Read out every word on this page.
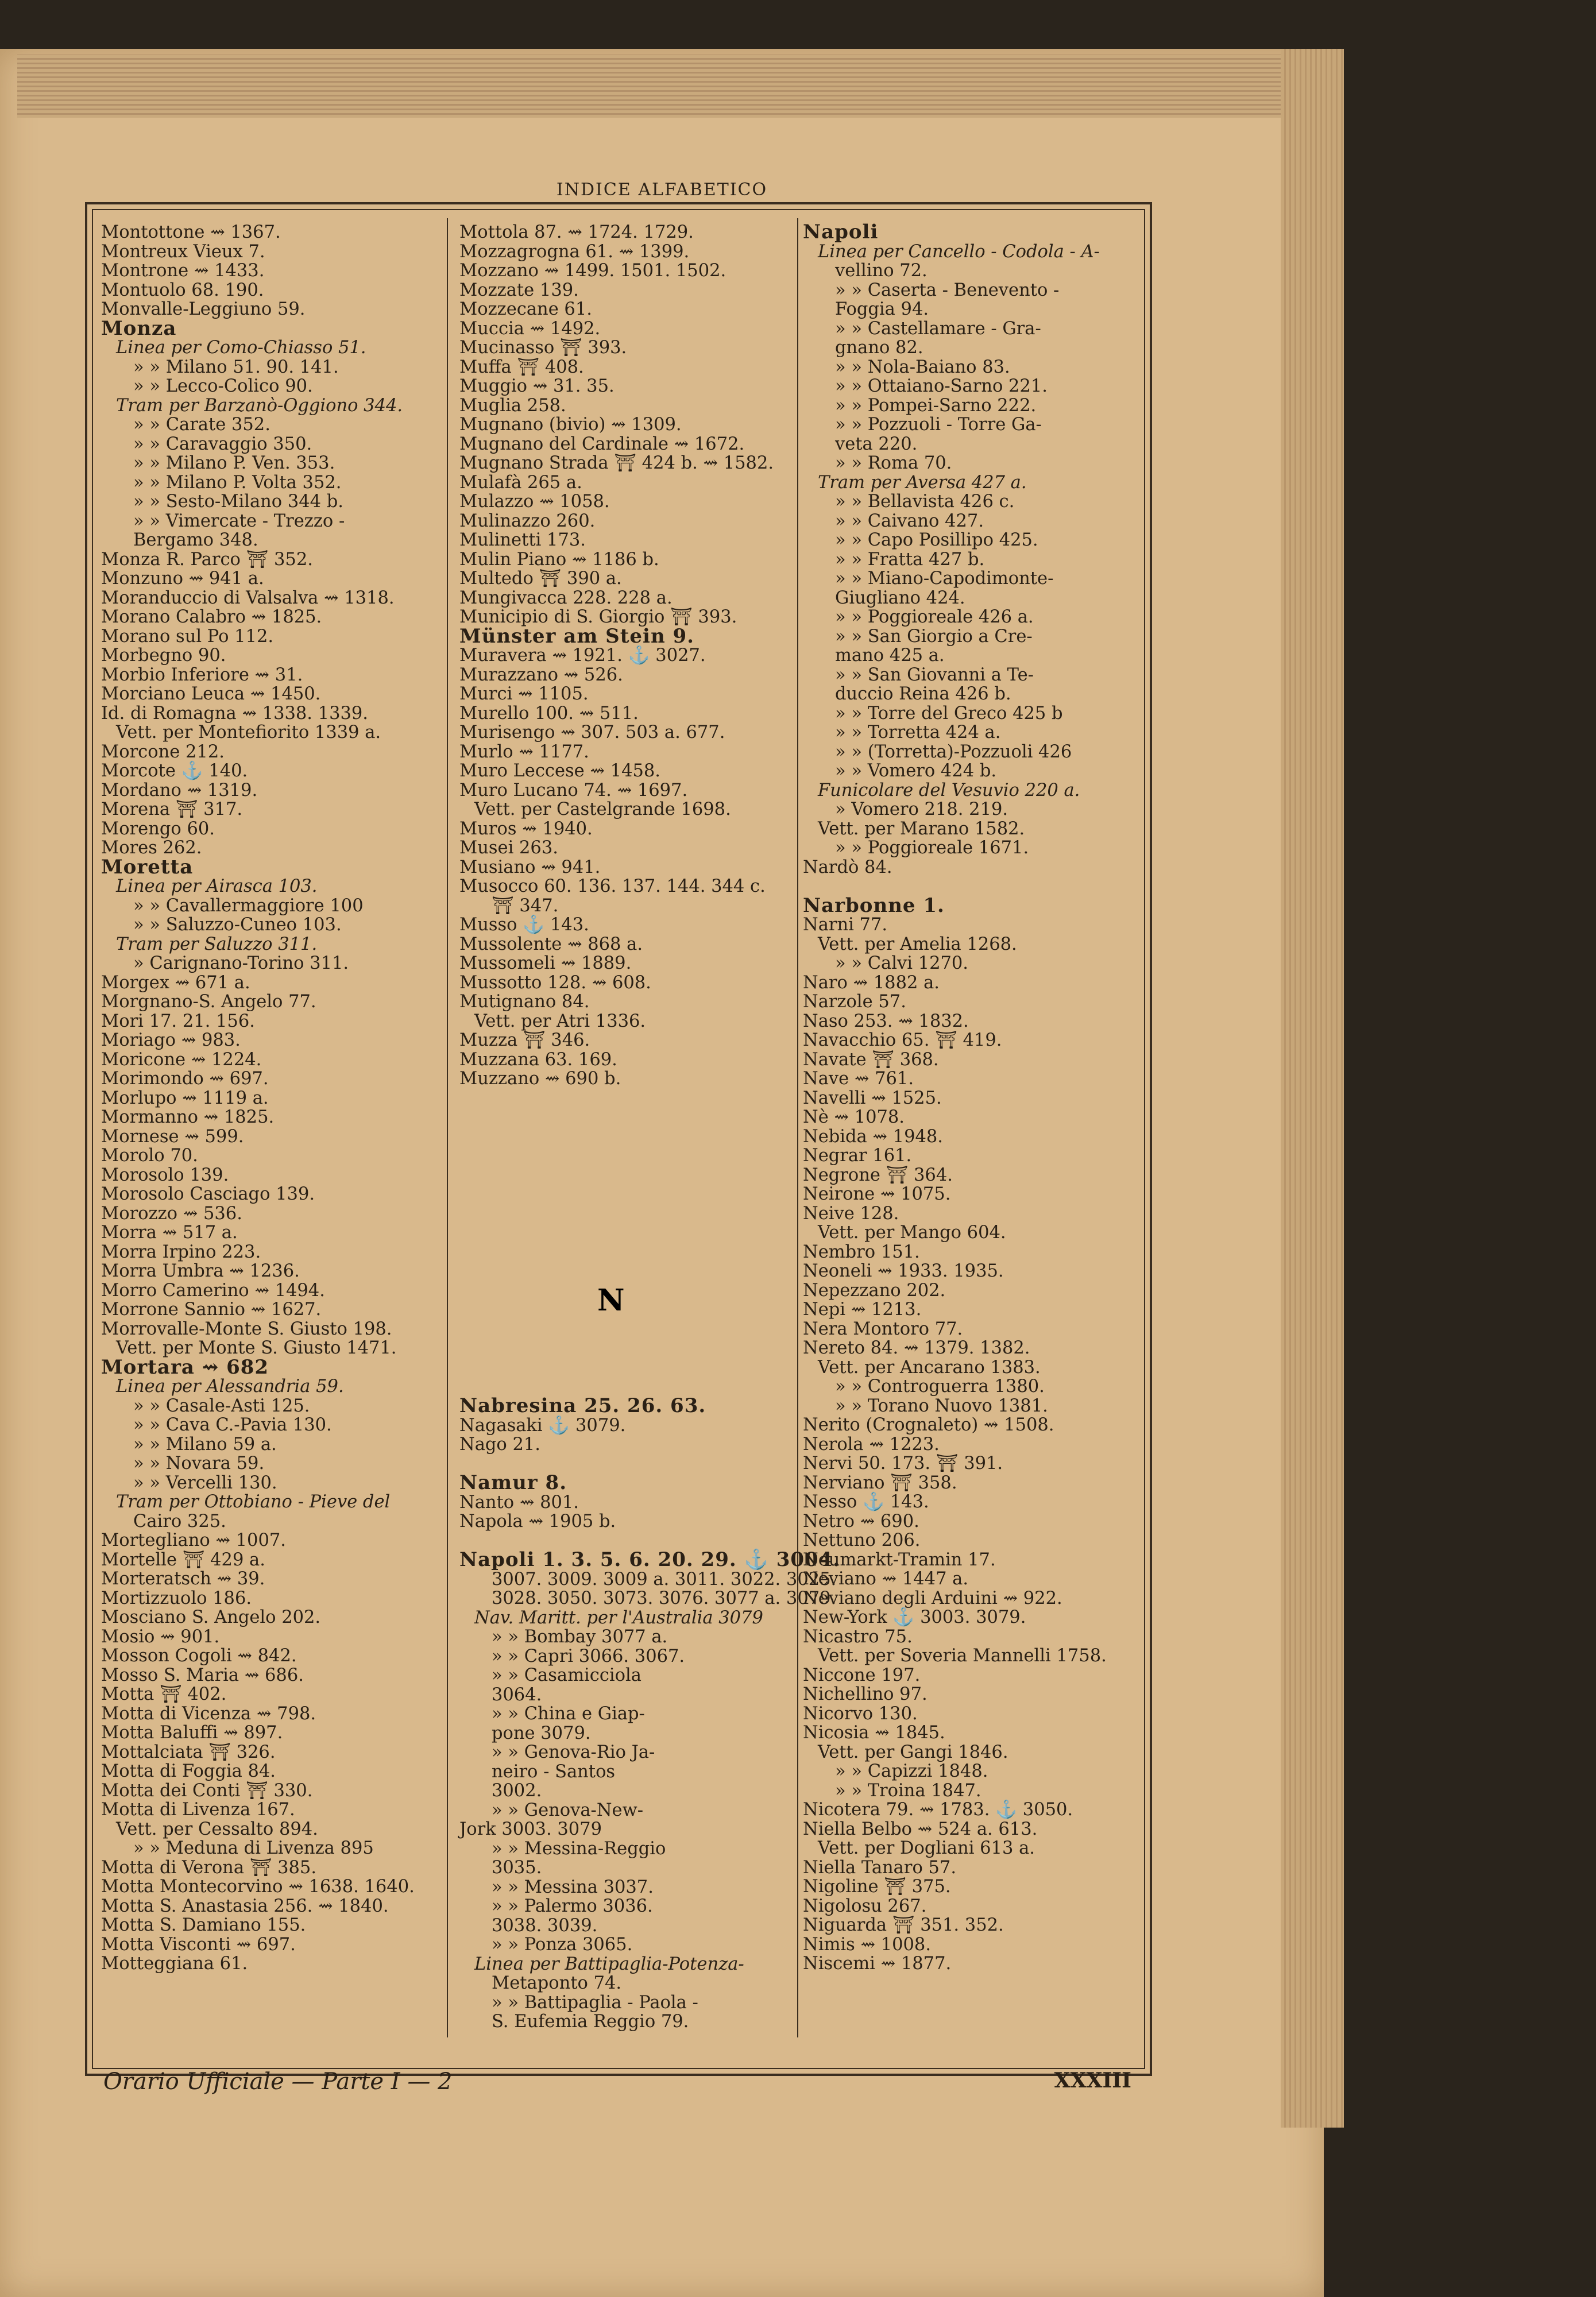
INDICE ALFABETICO
Montottone ⇝ 1367.
Montreux Vieux 7.
Montrone ⇝ 1433.
Montuolo 68. 190.
Monvalle-Leggiuno 59.
Monza
Linea per Como-Chiasso 51.
» » Milano 51. 90. 141.
» » Lecco-Colico 90.
Tram per Barzanò-Oggiono 344.
» » Carate 352.
» » Caravaggio 350.
» » Milano P. Ven. 353.
» » Milano P. Volta 352.
» » Sesto-Milano 344 b.
» » Vimercate - Trezzo -
Bergamo 348.
Monza R. Parco ⛩ 352.
Monzuno ⇝ 941 a.
Moranduccio di Valsalva ⇝ 1318.
Morano Calabro ⇝ 1825.
Morano sul Po 112.
Morbegno 90.
Morbio Inferiore ⇝ 31.
Morciano Leuca ⇝ 1450.
Id. di Romagna ⇝ 1338. 1339.
Vett. per Montefiorito 1339 a.
Morcone 212.
Morcote ⚓ 140.
Mordano ⇝ 1319.
Morena ⛩ 317.
Morengo 60.
Mores 262.
Moretta
Linea per Airasca 103.
» » Cavallermaggiore 100
» » Saluzzo-Cuneo 103.
Tram per Saluzzo 311.
» Carignano-Torino 311.
Morgex ⇝ 671 a.
Morgnano-S. Angelo 77.
Mori 17. 21. 156.
Moriago ⇝ 983.
Moricone ⇝ 1224.
Morimondo ⇝ 697.
Morlupo ⇝ 1119 a.
Mormanno ⇝ 1825.
Mornese ⇝ 599.
Morolo 70.
Morosolo 139.
Morosolo Casciago 139.
Morozzo ⇝ 536.
Morra ⇝ 517 a.
Morra Irpino 223.
Morra Umbra ⇝ 1236.
Morro Camerino ⇝ 1494.
Morrone Sannio ⇝ 1627.
Morrovalle-Monte S. Giusto 198.
Vett. per Monte S. Giusto 1471.
Mortara ⇝ 682
Linea per Alessandria 59.
» » Casale-Asti 125.
» » Cava C.-Pavia 130.
» » Milano 59 a.
» » Novara 59.
» » Vercelli 130.
Tram per Ottobiano - Pieve del
Cairo 325.
Mortegliano ⇝ 1007.
Mortelle ⛩ 429 a.
Morteratsch ⇝ 39.
Mortizzuolo 186.
Mosciano S. Angelo 202.
Mosio ⇝ 901.
Mosson Cogoli ⇝ 842.
Mosso S. Maria ⇝ 686.
Motta ⛩ 402.
Motta di Vicenza ⇝ 798.
Motta Baluffi ⇝ 897.
Mottalciata ⛩ 326.
Motta di Foggia 84.
Motta dei Conti ⛩ 330.
Motta di Livenza 167.
Vett. per Cessalto 894.
» » Meduna di Livenza 895
Motta di Verona ⛩ 385.
Motta Montecorvino ⇝ 1638. 1640.
Motta S. Anastasia 256. ⇝ 1840.
Motta S. Damiano 155.
Motta Visconti ⇝ 697.
Motteggiana 61.
Mottola 87. ⇝ 1724. 1729.
Mozzagrogna 61. ⇝ 1399.
Mozzano ⇝ 1499. 1501. 1502.
Mozzate 139.
Mozzecane 61.
Muccia ⇝ 1492.
Mucinasso ⛩ 393.
Muffa ⛩ 408.
Muggio ⇝ 31. 35.
Muglia 258.
Mugnano (bivio) ⇝ 1309.
Mugnano del Cardinale ⇝ 1672.
Mugnano Strada ⛩ 424 b. ⇝ 1582.
Mulafà 265 a.
Mulazzo ⇝ 1058.
Mulinazzo 260.
Mulinetti 173.
Mulin Piano ⇝ 1186 b.
Multedo ⛩ 390 a.
Mungivacca 228. 228 a.
Municipio di S. Giorgio ⛩ 393.
Münster am Stein 9.
Muravera ⇝ 1921. ⚓ 3027.
Murazzano ⇝ 526.
Murci ⇝ 1105.
Murello 100. ⇝ 511.
Murisengo ⇝ 307. 503 a. 677.
Murlo ⇝ 1177.
Muro Leccese ⇝ 1458.
Muro Lucano 74. ⇝ 1697.
Vett. per Castelgrande 1698.
Muros ⇝ 1940.
Musei 263.
Musiano ⇝ 941.
Musocco 60. 136. 137. 144. 344 c.
⛩ 347.
Musso ⚓ 143.
Mussolente ⇝ 868 a.
Mussomeli ⇝ 1889.
Mussotto 128. ⇝ 608.
Mutignano 84.
Vett. per Atri 1336.
Muzza ⛩ 346.
Muzzana 63. 169.
Muzzano ⇝ 690 b.
N
Nabresina 25. 26. 63.
Nagasaki ⚓ 3079.
Nago 21.

Namur 8.
Nanto ⇝ 801.
Napola ⇝ 1905 b.

Napoli 1. 3. 5. 6. 20. 29. ⚓ 3004.
3007. 3009. 3009 a. 3011. 3022. 3025.
3028. 3050. 3073. 3076. 3077 a. 3079.
Nav. Maritt. per l'Australia 3079
» » Bombay 3077 a.
» » Capri 3066. 3067.
» » Casamicciola
3064.
» » China e Giap-
pone 3079.
» » Genova-Rio Ja-
neiro - Santos
3002.
» » Genova-New-
Jork 3003. 3079
» » Messina-Reggio
3035.
» » Messina 3037.
» » Palermo 3036.
3038. 3039.
» » Ponza 3065.
Linea per Battipaglia-Potenza-
Metaponto 74.
» » Battipaglia - Paola -
S. Eufemia Reggio 79.
Napoli
Linea per Cancello - Codola - A-
vellino 72.
» » Caserta - Benevento -
Foggia 94.
» » Castellamare - Gra-
gnano 82.
» » Nola-Baiano 83.
» » Ottaiano-Sarno 221.
» » Pompei-Sarno 222.
» » Pozzuoli - Torre Ga-
veta 220.
» » Roma 70.
Tram per Aversa 427 a.
» » Bellavista 426 c.
» » Caivano 427.
» » Capo Posillipo 425.
» » Fratta 427 b.
» » Miano-Capodimonte-
Giugliano 424.
» » Poggioreale 426 a.
» » San Giorgio a Cre-
mano 425 a.
» » San Giovanni a Te-
duccio Reina 426 b.
» » Torre del Greco 425 b
» » Torretta 424 a.
» » (Torretta)-Pozzuoli 426
» » Vomero 424 b.
Funicolare del Vesuvio 220 a.
» Vomero 218. 219.
Vett. per Marano 1582.
» » Poggioreale 1671.
Nardò 84.

Narbonne 1.
Narni 77.
Vett. per Amelia 1268.
» » Calvi 1270.
Naro ⇝ 1882 a.
Narzole 57.
Naso 253. ⇝ 1832.
Navacchio 65. ⛩ 419.
Navate ⛩ 368.
Nave ⇝ 761.
Navelli ⇝ 1525.
Nè ⇝ 1078.
Nebida ⇝ 1948.
Negrar 161.
Negrone ⛩ 364.
Neirone ⇝ 1075.
Neive 128.
Vett. per Mango 604.
Nembro 151.
Neoneli ⇝ 1933. 1935.
Nepezzano 202.
Nepi ⇝ 1213.
Nera Montoro 77.
Nereto 84. ⇝ 1379. 1382.
Vett. per Ancarano 1383.
» » Controguerra 1380.
» » Torano Nuovo 1381.
Nerito (Crognaleto) ⇝ 1508.
Nerola ⇝ 1223.
Nervi 50. 173. ⛩ 391.
Nerviano ⛩ 358.
Nesso ⚓ 143.
Netro ⇝ 690.
Nettuno 206.
Neumarkt-Tramin 17.
Neviano ⇝ 1447 a.
Neviano degli Arduini ⇝ 922.
New-York ⚓ 3003. 3079.
Nicastro 75.
Vett. per Soveria Mannelli 1758.
Niccone 197.
Nichellino 97.
Nicorvo 130.
Nicosia ⇝ 1845.
Vett. per Gangi 1846.
» » Capizzi 1848.
» » Troina 1847.
Nicotera 79. ⇝ 1783. ⚓ 3050.
Niella Belbo ⇝ 524 a. 613.
Vett. per Dogliani 613 a.
Niella Tanaro 57.
Nigoline ⛩ 375.
Nigolosu 267.
Niguarda ⛩ 351. 352.
Nimis ⇝ 1008.
Niscemi ⇝ 1877.
Orario Ufficiale — Parte I — 2	XXXIII
